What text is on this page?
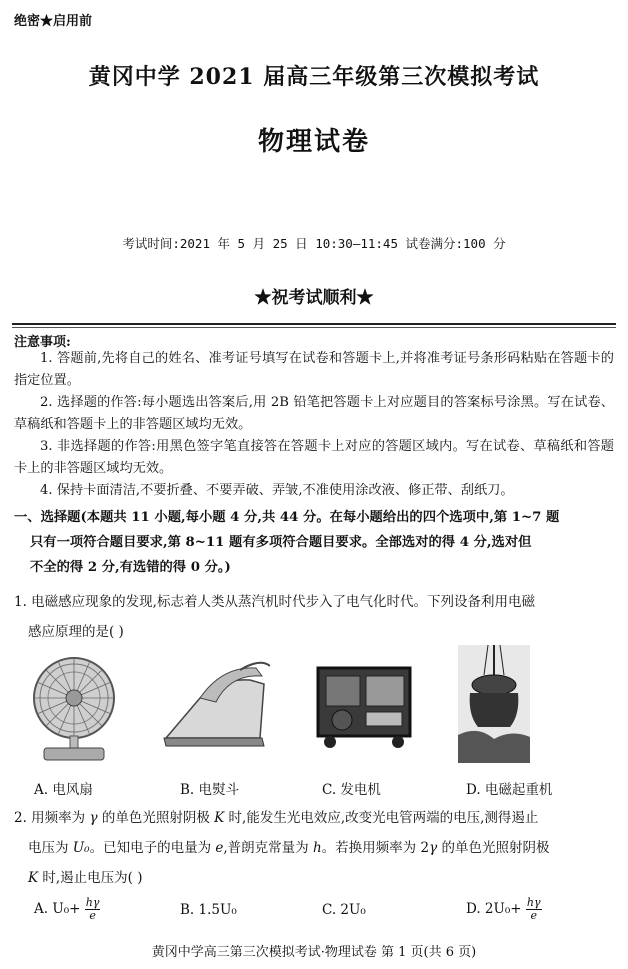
绝密★启用前
黄冈中学 2021 届高三年级第三次模拟考试
物理试卷
考试时间:2021 年 5 月 25 日 10:30—11:45 试卷满分:100 分
★祝考试顺利★
注意事项:
1. 答题前,先将自己的姓名、准考证号填写在试卷和答题卡上,并将准考证号条形码粘贴在答题卡的指定位置。
2. 选择题的作答:每小题选出答案后,用 2B 铅笔把答题卡上对应题目的答案标号涂黑。写在试卷、草稿纸和答题卡上的非答题区域均无效。
3. 非选择题的作答:用黑色签字笔直接答在答题卡上对应的答题区域内。写在试卷、草稿纸和答题卡上的非答题区域均无效。
4. 保持卡面清洁,不要折叠、不要弄破、弄皱,不准使用涂改液、修正带、刮纸刀。
一、选择题(本题共 11 小题,每小题 4 分,共 44 分。在每小题给出的四个选项中,第 1~7 题
只有一项符合题目要求,第 8~11 题有多项符合题目要求。全部选对的得 4 分,选对但
不全的得 2 分,有选错的得 0 分。)
1. 电磁感应现象的发现,标志着人类从蒸汽机时代步入了电气化时代。下列设备利用电磁
感应原理的是( )
A. 电风扇	B. 电熨斗	C. 发电机	D. 电磁起重机
2. 用频率为 γ 的单色光照射阴极 K 时,能发生光电效应,改变光电管两端的电压,测得遏止
电压为 U₀。已知电子的电量为 e,普朗克常量为 h。若换用频率为 2γ 的单色光照射阴极
K 时,遏止电压为( )
A. $U_0+ \frac{h\gamma}{e}$	B. 1.5U₀	C. 2U₀	D. $2U_0+ \frac{h\gamma}{e}$
黄冈中学高三第三次模拟考试·物理试卷 第 1 页(共 6 页)
